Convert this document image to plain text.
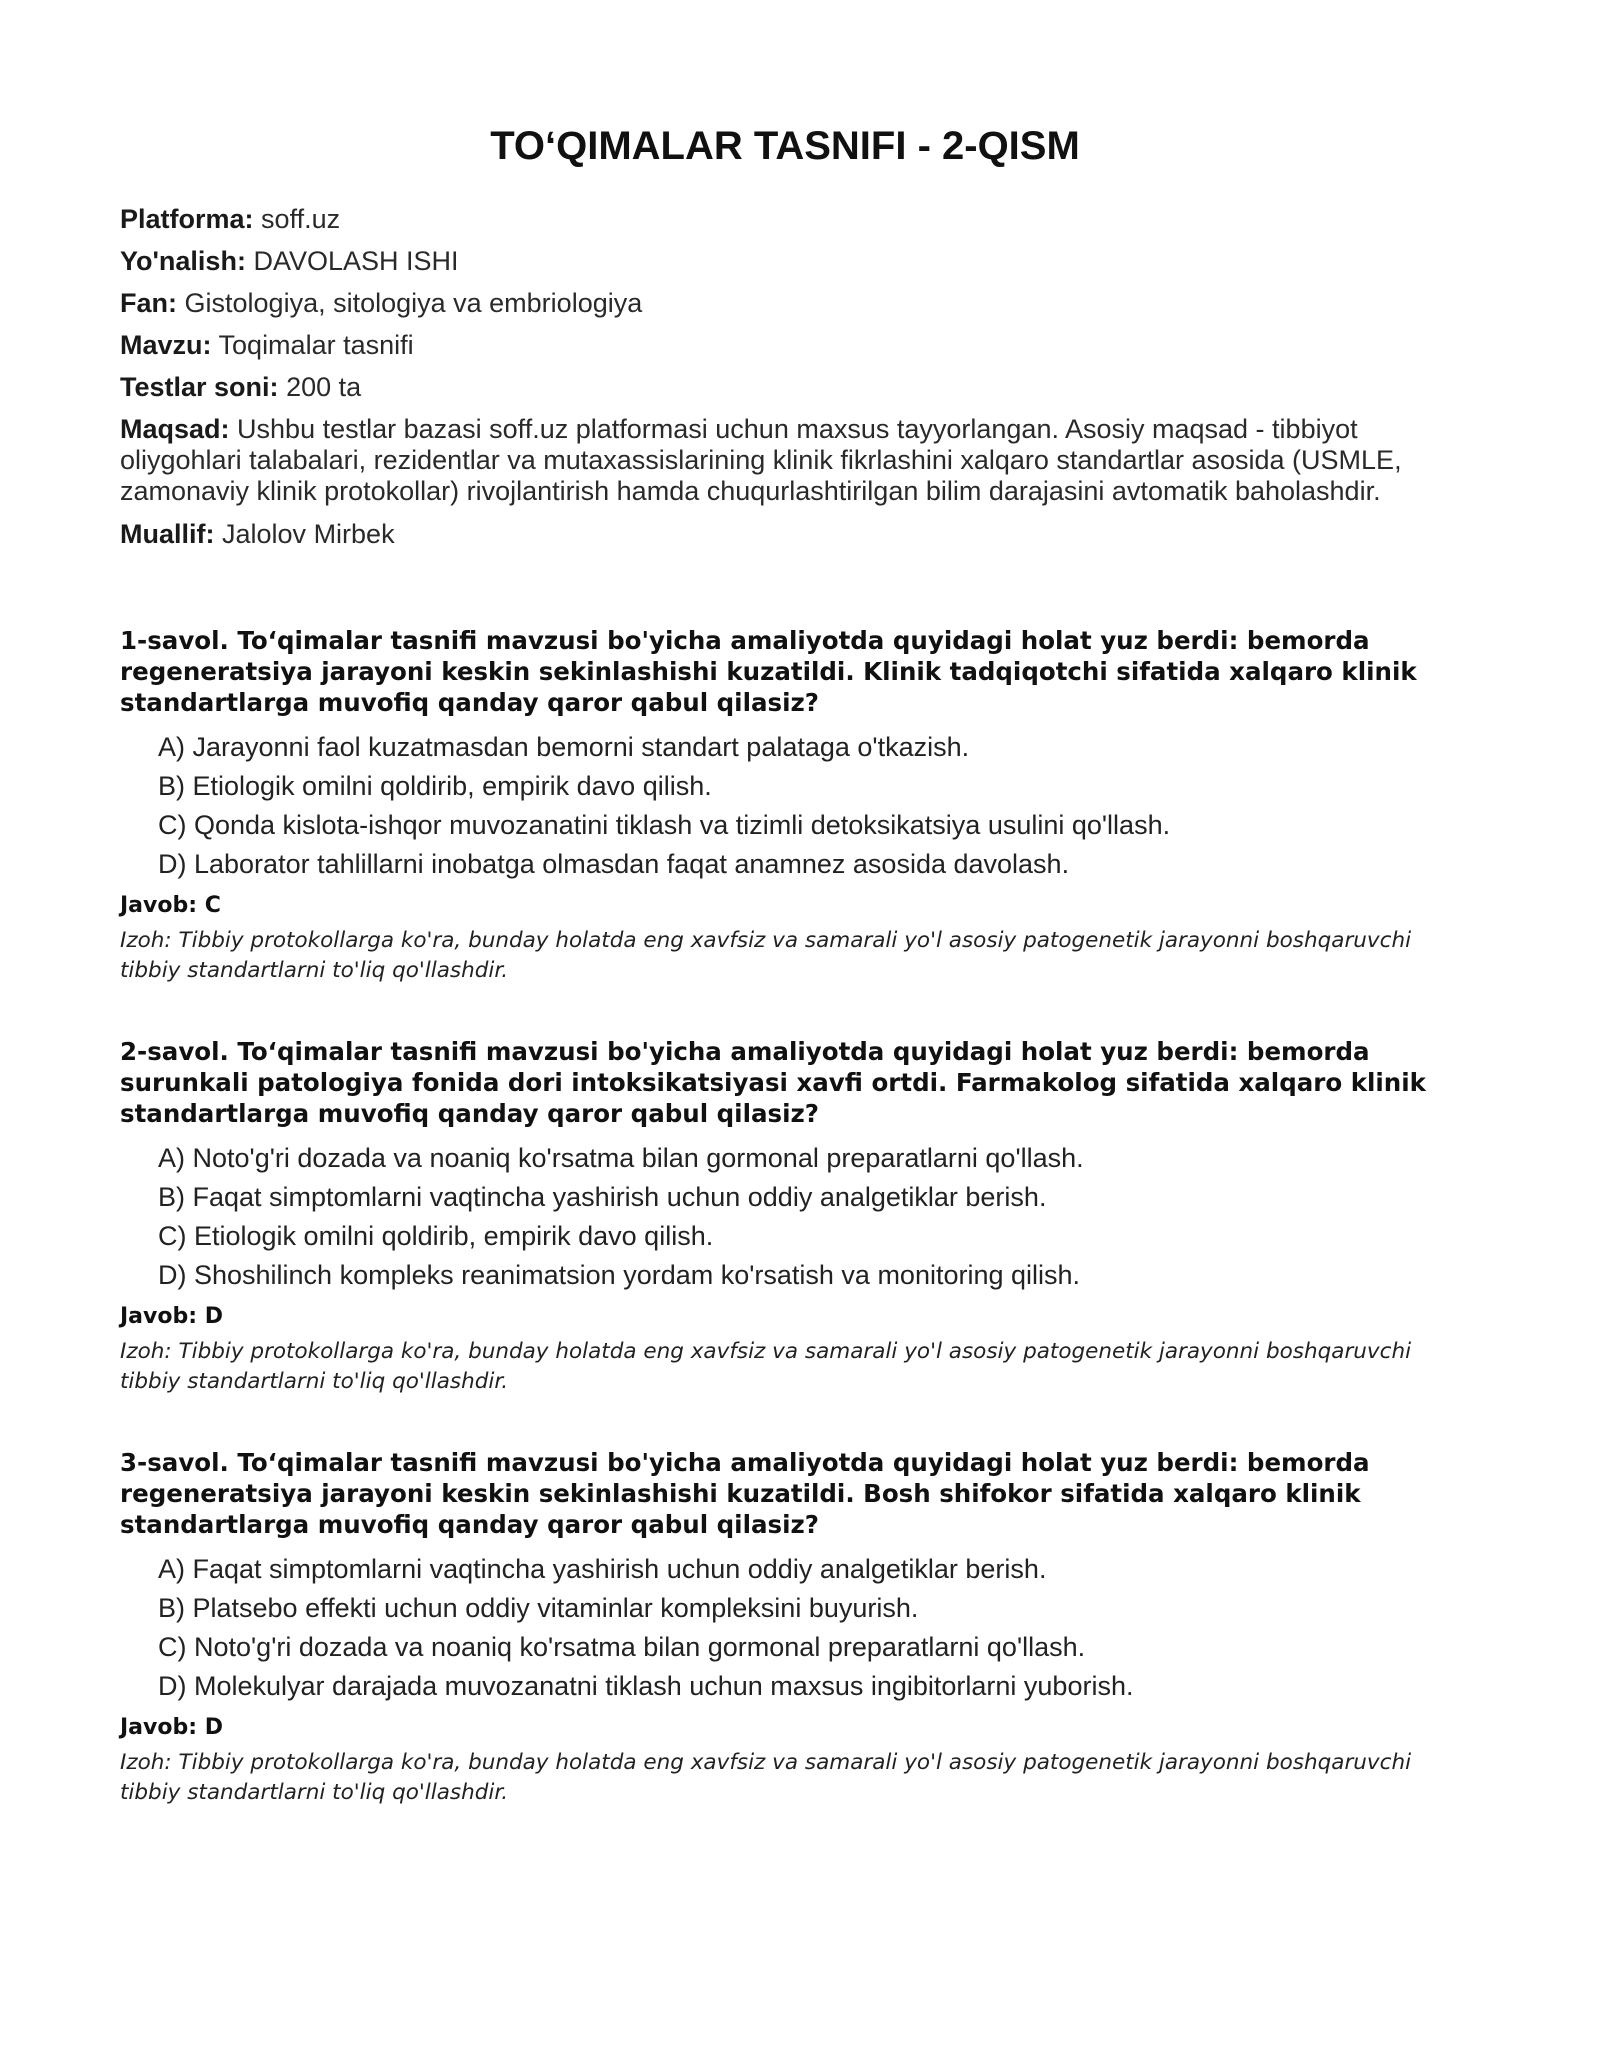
TO‘QIMALAR TASNIFI - 2-QISM
Platforma: soff.uz
Yo'nalish: DAVOLASH ISHI
Fan: Gistologiya, sitologiya va embriologiya
Mavzu: Toqimalar tasnifi
Testlar soni: 200 ta
Maqsad: Ushbu testlar bazasi soff.uz platformasi uchun maxsus tayyorlangan. Asosiy maqsad - tibbiyot oliygohlari talabalari, rezidentlar va mutaxassislarining klinik fikrlashini xalqaro standartlar asosida (USMLE, zamonaviy klinik protokollar) rivojlantirish hamda chuqurlashtirilgan bilim darajasini avtomatik baholashdir.
Muallif: Jalolov Mirbek

1-savol. To‘qimalar tasnifi mavzusi bo'yicha amaliyotda quyidagi holat yuz berdi: bemorda regeneratsiya jarayoni keskin sekinlashishi kuzatildi. Klinik tadqiqotchi sifatida xalqaro klinik standartlarga muvofiq qanday qaror qabul qilasiz?

A) Jarayonni faol kuzatmasdan bemorni standart palataga o'tkazish.
B) Etiologik omilni qoldirib, empirik davo qilish.
C) Qonda kislota-ishqor muvozanatini tiklash va tizimli detoksikatsiya usulini qo'llash.
D) Laborator tahlillarni inobatga olmasdan faqat anamnez asosida davolash.

Javob: C

Izoh: Tibbiy protokollarga ko'ra, bunday holatda eng xavfsiz va samarali yo'l asosiy patogenetik jarayonni boshqaruvchi tibbiy standartlarni to'liq qo'llashdir.

2-savol. To‘qimalar tasnifi mavzusi bo'yicha amaliyotda quyidagi holat yuz berdi: bemorda surunkali patologiya fonida dori intoksikatsiyasi xavfi ortdi. Farmakolog sifatida xalqaro klinik standartlarga muvofiq qanday qaror qabul qilasiz?

A) Noto'g'ri dozada va noaniq ko'rsatma bilan gormonal preparatlarni qo'llash.
B) Faqat simptomlarni vaqtincha yashirish uchun oddiy analgetiklar berish.
C) Etiologik omilni qoldirib, empirik davo qilish.
D) Shoshilinch kompleks reanimatsion yordam ko'rsatish va monitoring qilish.

Javob: D

Izoh: Tibbiy protokollarga ko'ra, bunday holatda eng xavfsiz va samarali yo'l asosiy patogenetik jarayonni boshqaruvchi tibbiy standartlarni to'liq qo'llashdir.

3-savol. To‘qimalar tasnifi mavzusi bo'yicha amaliyotda quyidagi holat yuz berdi: bemorda regeneratsiya jarayoni keskin sekinlashishi kuzatildi. Bosh shifokor sifatida xalqaro klinik standartlarga muvofiq qanday qaror qabul qilasiz?

A) Faqat simptomlarni vaqtincha yashirish uchun oddiy analgetiklar berish.
B) Platsebo effekti uchun oddiy vitaminlar kompleksini buyurish.
C) Noto'g'ri dozada va noaniq ko'rsatma bilan gormonal preparatlarni qo'llash.
D) Molekulyar darajada muvozanatni tiklash uchun maxsus ingibitorlarni yuborish.

Javob: D

Izoh: Tibbiy protokollarga ko'ra, bunday holatda eng xavfsiz va samarali yo'l asosiy patogenetik jarayonni boshqaruvchi tibbiy standartlarni to'liq qo'llashdir.
